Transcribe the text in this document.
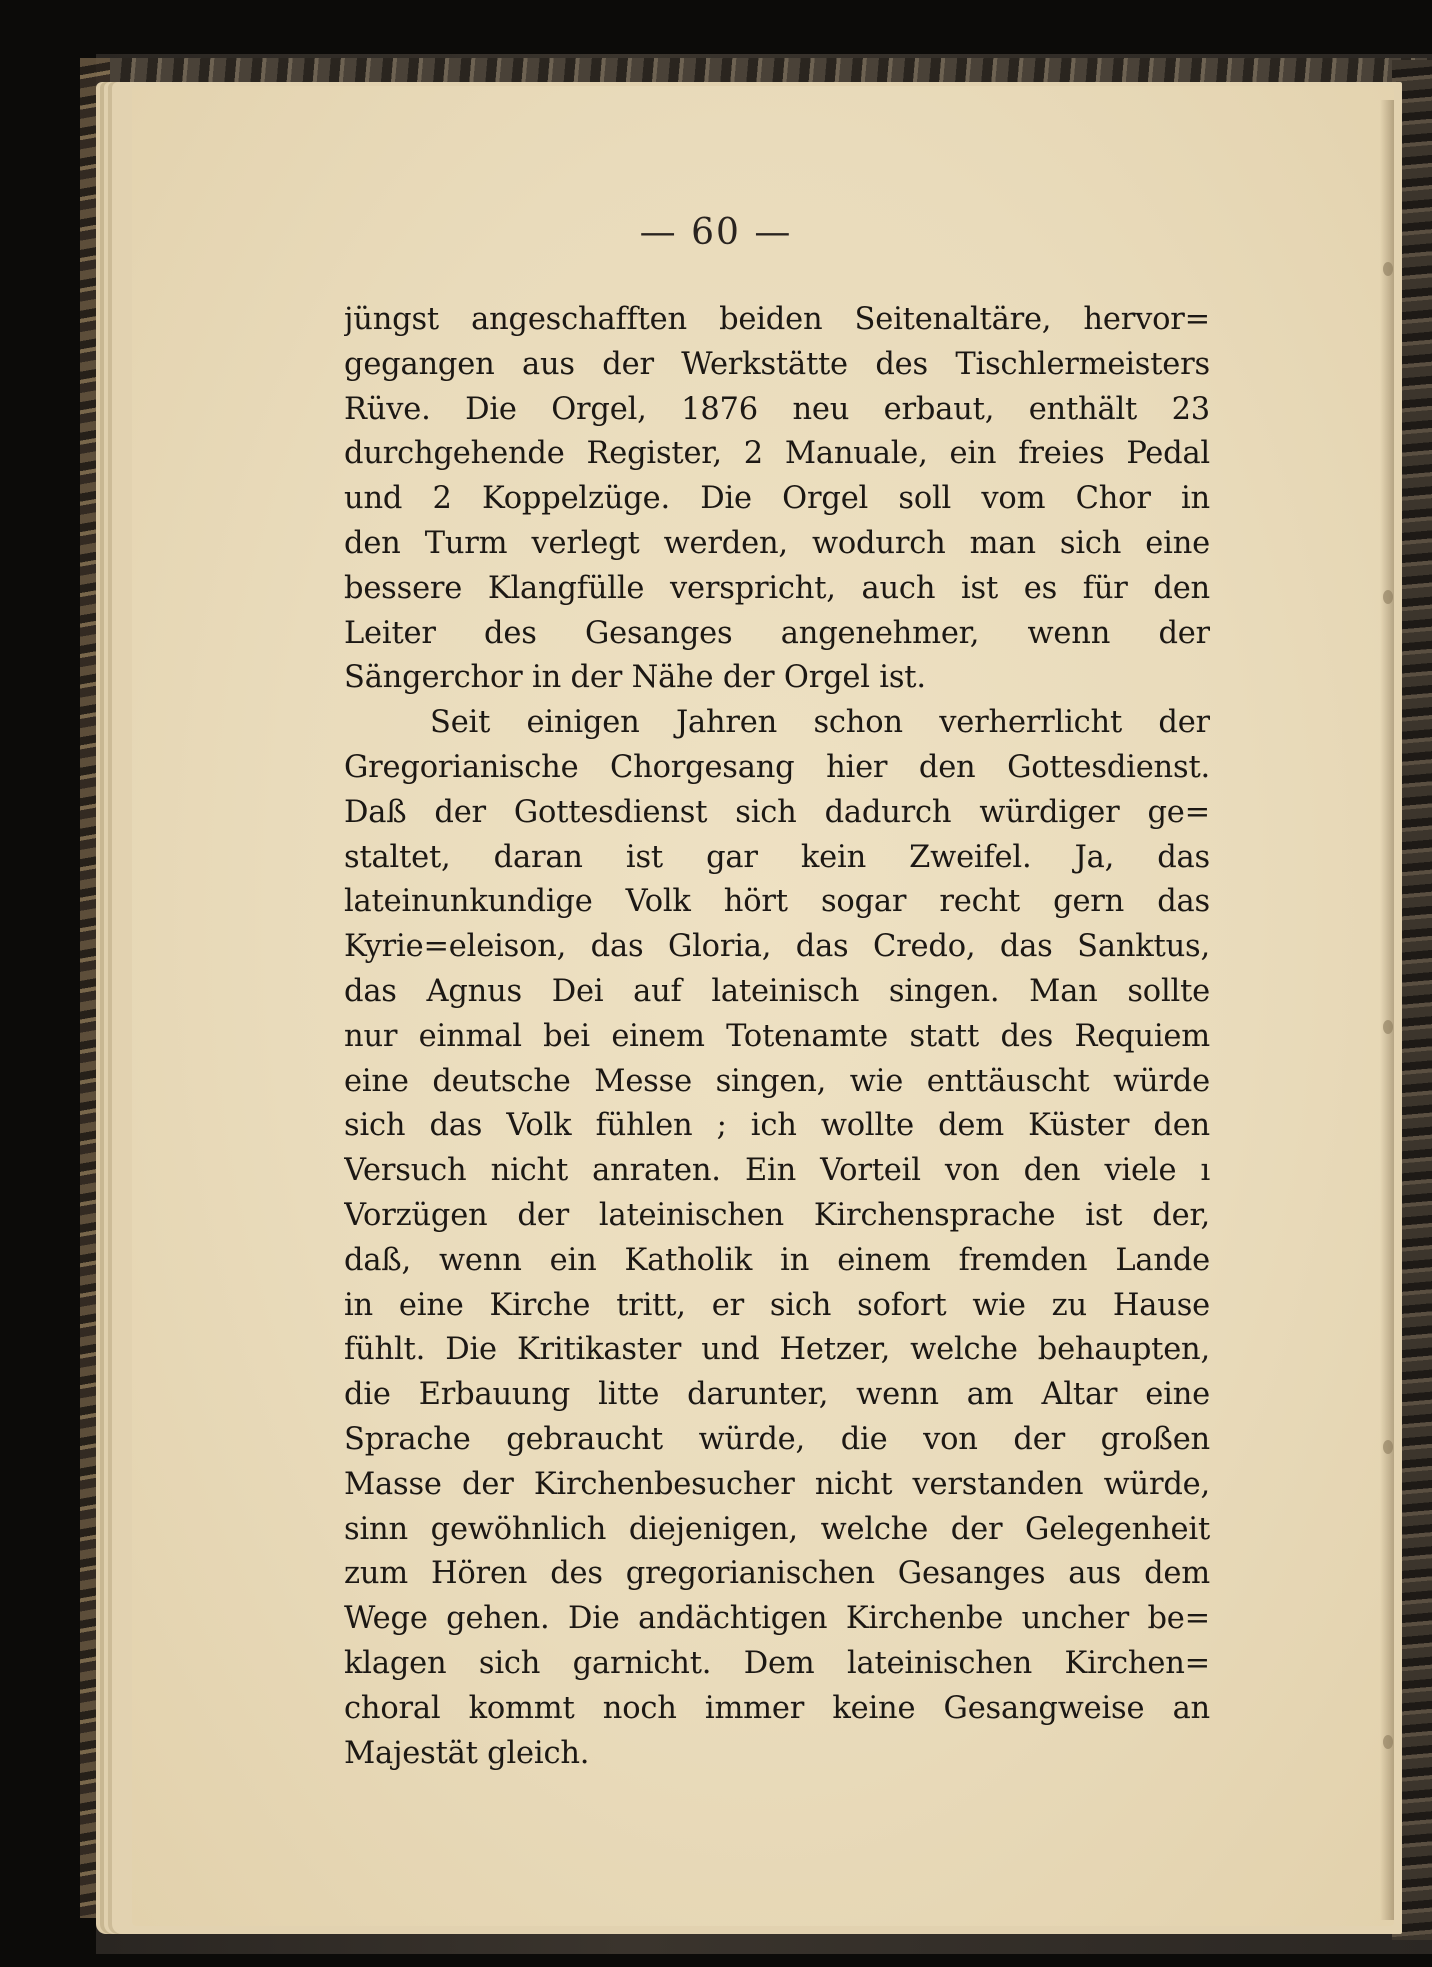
— 60 —
jüngst angeschafften beiden Seitenaltäre, hervor=
gegangen aus der Werkstätte des Tischlermeisters
Rüve. Die Orgel, 1876 neu erbaut, enthält 23
durchgehende Register, 2 Manuale, ein freies Pedal
und 2 Koppelzüge. Die Orgel soll vom Chor in
den Turm verlegt werden, wodurch man sich eine
bessere Klangfülle verspricht, auch ist es für den
Leiter des Gesanges angenehmer, wenn der
Sängerchor in der Nähe der Orgel ist.
Seit einigen Jahren schon verherrlicht der
Gregorianische Chorgesang hier den Gottesdienst.
Daß der Gottesdienst sich dadurch würdiger ge=
staltet, daran ist gar kein Zweifel. Ja, das
lateinunkundige Volk hört sogar recht gern das
Kyrie=eleison, das Gloria, das Credo, das Sanktus,
das Agnus Dei auf lateinisch singen. Man sollte
nur einmal bei einem Totenamte statt des Requiem
eine deutsche Messe singen, wie enttäuscht würde
sich das Volk fühlen ; ich wollte dem Küster den
Versuch nicht anraten. Ein Vorteil von den viele ı
Vorzügen der lateinischen Kirchensprache ist der,
daß, wenn ein Katholik in einem fremden Lande
in eine Kirche tritt, er sich sofort wie zu Hause
fühlt. Die Kritikaster und Hetzer, welche behaupten,
die Erbauung litte darunter, wenn am Altar eine
Sprache gebraucht würde, die von der großen
Masse der Kirchenbesucher nicht verstanden würde,
sinn gewöhnlich diejenigen, welche der Gelegenheit
zum Hören des gregorianischen Gesanges aus dem
Wege gehen. Die andächtigen Kirchenbe uncher be=
klagen sich garnicht. Dem lateinischen Kirchen=
choral kommt noch immer keine Gesangweise an
Majestät gleich.
